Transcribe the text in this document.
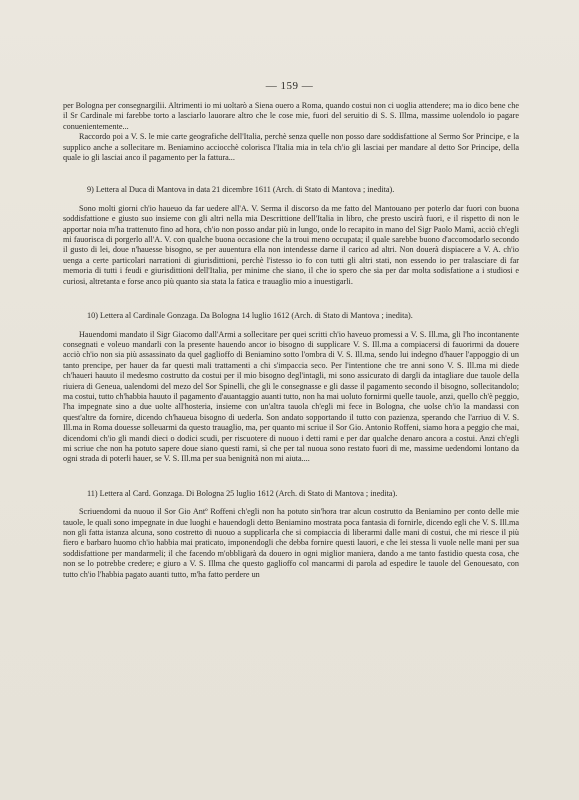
— 159 —

per Bologna per consegnargilii. Altrimenti io mi uoltarò a Siena ouero a Roma, quando costui non ci uoglia attendere; ma io dico bene che il Sr Cardinale mi farebbe torto a lasciarlo lauorare altro che le cose mie, fuori del seruitio di S. S. Illma, massime uolendolo io pagare conuenientemente...

Raccordo poi a V. S. le mie carte geografiche dell'Italia, perchè senza quelle non posso dare soddisfattione al Sermo Sor Principe, e la supplico anche a sollecitare m. Beniamino acciocchè colorisca l'Italia mia in tela ch'io gli lasciai per mandare al detto Sor Principe, della quale io gli lasciai anco il pagamento per la fattura...

9) Lettera al Duca di Mantova in data 21 dicembre 1611 (Arch. di Stato di Mantova ; inedita).

Sono molti giorni ch'io haueuo da far uedere all'A. V. Serma il discorso da me fatto del Mantouano per poterlo dar fuori con buona soddisfattione e giusto suo insieme con gli altri nella mia Descrittione dell'Italia in libro, che presto uscirà fuori, e il rispetto di non le apportar noia m'ha trattenuto fino ad hora, ch'io non posso andar più in lungo, onde lo recapito in mano del Sigr Paolo Mamì, acciò ch'egli mi fauorisca di porgerlo all'A. V. con qualche buona occasione che la troui meno occupata; il quale sarebbe buono d'accomodarlo secondo il gusto di lei, doue n'hauesse bisogno, se per auuentura ella non intendesse darne il carico ad altri. Non douerà dispiacere a V. A. ch'io uenga a certe particolari narrationi di giurisdittioni, perchè l'istesso io fo con tutti gli altri stati, non essendo io per tralasciare di far memoria di tutti i feudi e giurisdittioni dell'Italia, per minime che siano, il che io spero che sia per dar molta sodisfatione a i studiosi e curiosi, altretanta e forse anco più quanto sia stata la fatica e trauaglio mio a inuestigarli.

10) Lettera al Cardinale Gonzaga. Da Bologna 14 luglio 1612 (Arch. di Stato di Mantova ; inedita).

Hauendomi mandato il Sigr Giacomo dall'Armi a sollecitare per quei scritti ch'io haveuo promessi a V. S. Ill.ma, gli l'ho incontanente consegnati e voleuo mandarli con la presente hauendo ancor io bisogno di supplicare V. S. Ill.ma a compiacersi di fauorirmi da douere acciò ch'io non sia più assassinato da quel gaglioffo di Beniamino sotto l'ombra di V. S. Ill.ma, sendo lui indegno d'hauer l'appoggio di un tanto prencipe, per hauer da far questi mali trattamenti a chi s'impaccia seco. Per l'intentione che tre anni sono V. S. Ill.ma mi diede ch'haueri hauuto il medesmo costrutto da costui per il mio bisogno degl'intagli, mi sono assicurato di dargli da intagliare due tauole della riuiera di Geneua, ualendomi del mezo del Sor Spinelli, che gli le consegnasse e gli dasse il pagamento secondo il bisogno, sollecitandolo; ma costui, tutto ch'habbia hauuto il pagamento d'auantaggio auanti tutto, non ha mai uoluto fornirmi quelle tauole, anzi, quello ch'è peggio, l'ha impegnate sino a due uolte all'hosteria, insieme con un'altra tauola ch'egli mi fece in Bologna, che uolse ch'io la mandassi con quest'altre da fornire, dicendo ch'haueua bisogno di uederla. Son andato sopportando il tutto con pazienza, sperando che l'arriuo di V. S. Ill.ma in Roma douesse solleuarmi da questo trauaglio, ma, per quanto mi scriue il Sor Gio. Antonio Roffeni, siamo hora a peggio che mai, dicendomi ch'io gli mandi dieci o dodici scudi, per riscuotere di nuouo i detti rami e per dar qualche denaro ancora a costui. Anzi ch'egli mi scriue che non ha potuto sapere doue siano questi rami, sì che per tal nuoua sono restato fuori di me, massime uedendomi lontano da ogni strada di poterli hauer, se V. S. Ill.ma per sua benignità non mi aiuta....

11) Lettera al Card. Gonzaga. Di Bologna 25 luglio 1612 (Arch. di Stato di Mantova ; inedita).

Scriuendomi da nuouo il Sor Gio Antº Roffeni ch'egli non ha potuto sin'hora trar alcun costrutto da Beniamino per conto delle mie tauole, le quali sono impegnate in due luoghi e hauendogli detto Beniamino mostrata poca fantasia di fornirle, dicendo egli che V. S. Ill.ma non gli fatta istanza alcuna, sono costretto di nuouo a supplicarla che si compiaccia di liberarmi dalle mani di costui, che mi riesce il più fiero e barbaro huomo ch'io habbia mai praticato, imponendogli che debba fornire questi lauori, e che lei stessa li vuole nelle mani per sua soddisfattione per mandarmeli; il che facendo m'obbligarà da douero in ogni miglior maniera, dando a me tanto fastidio questa cosa, che non se lo potrebbe credere; e giuro a V. S. Illma che questo gaglioffo col mancarmi di parola ad espedire le tauole del Genouesato, con tutto ch'io l'habbia pagato auanti tutto, m'ha fatto perdere un
